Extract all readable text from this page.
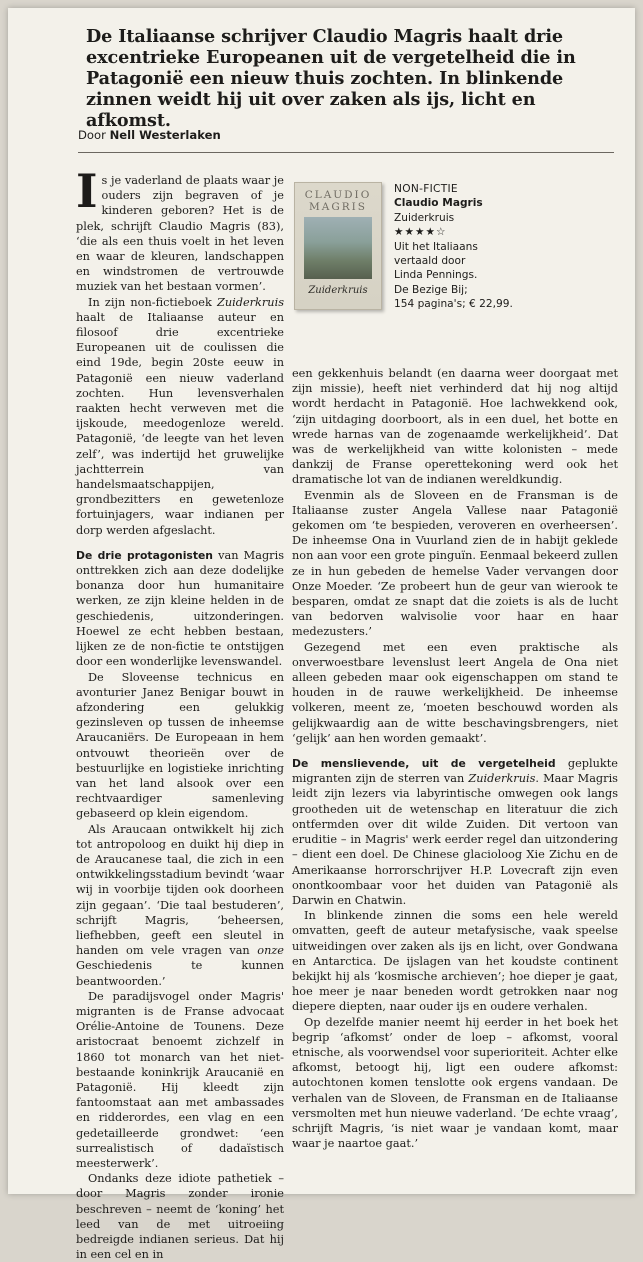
De Italiaanse schrijver Claudio Magris haalt drie excentrieke Europeanen uit de vergetelheid die in Patagonië een nieuw thuis zochten. In blinkende zinnen weidt hij uit over zaken als ijs, licht en afkomst.
Door Nell Westerlaken
CLAUDIO
MAGRIS
Zuiderkruis
NON-FICTIE
Claudio Magris
Zuiderkruis
★★★★☆
Uit het Italiaans
vertaald door
Linda Pennings.
De Bezige Bij;
154 pagina's; € 22,99.

Is je vaderland de plaats waar je ouders zijn begraven of je kinderen geboren? Het is de plek, schrijft Claudio Magris (83), ‘die als een thuis voelt in het leven en waar de kleuren, landschappen en windstromen de vertrouwde muziek van het bestaan vormen’.

In zijn non-fictieboek Zuiderkruis haalt de Italiaanse auteur en filosoof drie excentrieke Europeanen uit de coulissen die eind 19de, begin 20ste eeuw in Patagonië een nieuw vaderland zochten. Hun levensverhalen raakten hecht verweven met die ijskoude, meedogenloze wereld. Patagonië, ‘de leegte van het leven zelf’, was indertijd het gruwelijke jachtterrein van handelsmaatschappijen, grondbezitters en gewetenloze fortuinjagers, waar indianen per dorp werden afgeslacht.

De drie protagonisten van Magris onttrekken zich aan deze dodelijke bonanza door hun humanitaire werken, ze zijn kleine helden in de geschiedenis, uitzonderingen. Hoewel ze echt hebben bestaan, lijken ze de non-fictie te ontstijgen door een wonderlijke levenswandel.

De Sloveense technicus en avonturier Janez Benigar bouwt in afzondering een gelukkig gezinsleven op tussen de inheemse Araucaniërs. De Europeaan in hem ontvouwt theorieën over de bestuurlijke en logistieke inrichting van het land alsook over een rechtvaardiger samenleving gebaseerd op klein eigendom.

Als Araucaan ontwikkelt hij zich tot antropoloog en duikt hij diep in de Araucanese taal, die zich in een ontwikkelingsstadium bevindt ‘waar wij in voorbije tijden ook doorheen zijn gegaan’. ‘Die taal bestuderen’, schrijft Magris, ‘beheersen, liefhebben, geeft een sleutel in handen om vele vragen van onze Geschiedenis te kunnen beantwoorden.’

De paradijsvogel onder Magris' migranten is de Franse advocaat Orélie-Antoine de Tounens. Deze aristocraat benoemt zichzelf in 1860 tot monarch van het niet-bestaande koninkrijk Araucanië en Patagonië. Hij kleedt zijn fantoomstaat aan met ambassades en ridderordes, een vlag en een gedetailleerde grondwet: ‘een surrealistisch of dadaïstisch meesterwerk’.

Ondanks deze idiote pathetiek – door Magris zonder ironie beschreven – neemt de ‘koning’ het leed van de met uitroeiing bedreigde indianen serieus. Dat hij in een cel en in

een gekkenhuis belandt (en daarna weer doorgaat met zijn missie), heeft niet verhinderd dat hij nog altijd wordt herdacht in Patagonië. Hoe lachwekkend ook, ‘zijn uitdaging doorboort, als in een duel, het botte en wrede harnas van de zogenaamde werkelijkheid’. Dat was de werkelijkheid van witte kolonisten – mede dankzij de Franse operettekoning werd ook het dramatische lot van de indianen wereldkundig.

Evenmin als de Sloveen en de Fransman is de Italiaanse zuster Angela Vallese naar Patagonië gekomen om ‘te bespieden, veroveren en overheersen’. De inheemse Ona in Vuurland zien de in habijt geklede non aan voor een grote pinguïn. Eenmaal bekeerd zullen ze in hun gebeden de hemelse Vader vervangen door Onze Moeder. ‘Ze probeert hun de geur van wierook te besparen, omdat ze snapt dat die zoiets is als de lucht van bedorven walvisolie voor haar en haar medezusters.’

Gezegend met een even praktische als onverwoestbare levenslust leert Angela de Ona niet alleen gebeden maar ook eigenschappen om stand te houden in de rauwe werkelijkheid. De inheemse volkeren, meent ze, ‘moeten beschouwd worden als gelijkwaardig aan de witte beschavingsbrengers, niet ‘gelijk’ aan hen worden gemaakt’.

De menslievende, uit de vergetelheid geplukte migranten zijn de sterren van Zuiderkruis. Maar Magris leidt zijn lezers via labyrintische omwegen ook langs grootheden uit de wetenschap en literatuur die zich ontfermden over dit wilde Zuiden. Dit vertoon van eruditie – in Magris' werk eerder regel dan uitzondering – dient een doel. De Chinese glacioloog Xie Zichu en de Amerikaanse horrorschrijver H.P. Lovecraft zijn even onontkoombaar voor het duiden van Patagonië als Darwin en Chatwin.

In blinkende zinnen die soms een hele wereld omvatten, geeft de auteur metafysische, vaak speelse uitweidingen over zaken als ijs en licht, over Gondwana en Antarctica. De ijslagen van het koudste continent bekijkt hij als ‘kosmische archieven’; hoe dieper je gaat, hoe meer je naar beneden wordt getrokken naar nog diepere diepten, naar ouder ijs en oudere verhalen.

Op dezelfde manier neemt hij eerder in het boek het begrip ‘afkomst’ onder de loep – afkomst, vooral etnische, als voorwendsel voor superioriteit. Achter elke afkomst, betoogt hij, ligt een oudere afkomst: autochtonen komen tenslotte ook ergens vandaan. De verhalen van de Sloveen, de Fransman en de Italiaanse versmolten met hun nieuwe vaderland. ‘De echte vraag’, schrijft Magris, ‘is niet waar je vandaan komt, maar waar je naartoe gaat.’
